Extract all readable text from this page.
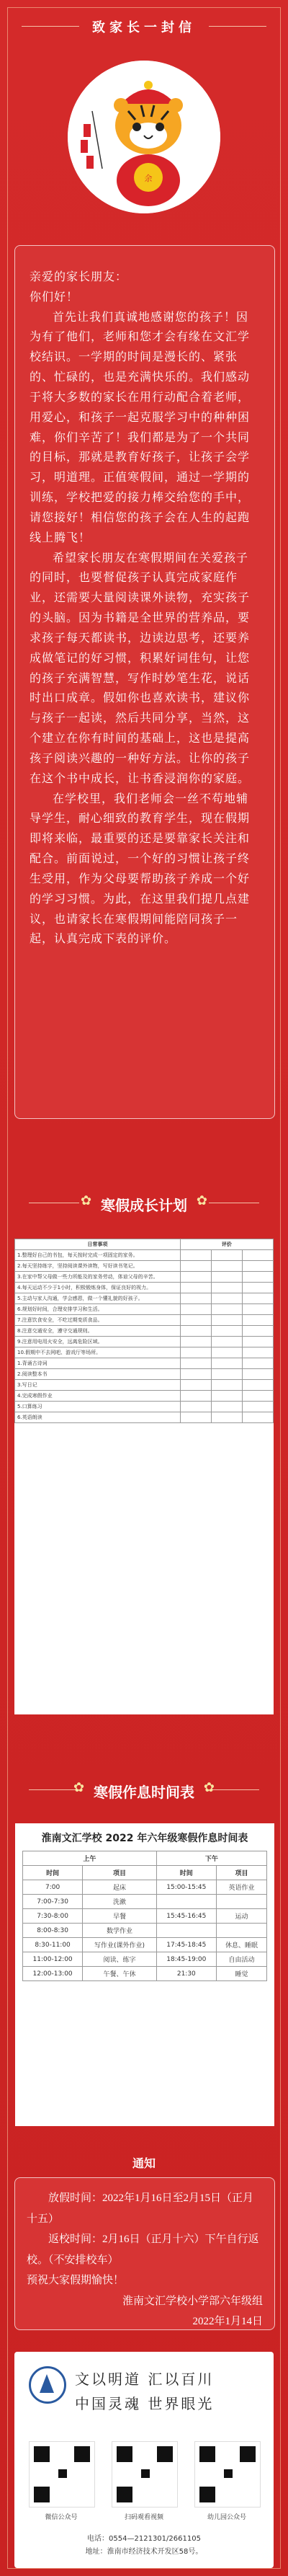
致家长一封信
余

亲爱的家长朋友：

你们好！

首先让我们真诚地感谢您的孩子！因为有了他们，老师和您才会有缘在文汇学校结识。一学期的时间是漫长的、紧张的、忙碌的，也是充满快乐的。我们感动于将大多数的家长在用行动配合着老师，用爱心，和孩子一起克服学习中的种种困难，你们辛苦了！我们都是为了一个共同的目标，那就是教育好孩子，让孩子会学习，明道理。正值寒假间，通过一学期的训练，学校把爱的接力棒交给您的手中，请您接好！相信您的孩子会在人生的起跑线上腾飞！

希望家长朋友在寒假期间在关爱孩子的同时，也要督促孩子认真完成家庭作业，还需要大量阅读课外读物，充实孩子的头脑。因为书籍是全世界的营养品，要求孩子每天都读书，边读边思考，还要养成做笔记的好习惯，积累好词佳句，让您的孩子充满智慧，写作时妙笔生花，说话时出口成章。假如你也喜欢读书，建议你与孩子一起读，然后共同分享，当然，这个建立在你有时间的基础上，这也是提高孩子阅读兴趣的一种好方法。让你的孩子在这个书中成长，让书香浸润你的家庭。

在学校里，我们老师会一丝不苟地辅导学生，耐心细致的教育学生，现在假期即将来临，最重要的还是要靠家长关注和配合。前面说过，一个好的习惯让孩子终生受用，作为父母要帮助孩子养成一个好的学习习惯。为此，在这里我们提几点建议，也请家长在寒假期间能陪同孩子一起，认真完成下表的评价。

✿	✿
寒假成长计划
日常事项	评价		
1.整理好自己的书包，每天按时完成一项固定的家务。			
2.每天坚持练字，坚持阅读课外读物，写好读书笔记。			
3.在家中帮父母做一些力所能及的家务劳动，体谅父母的辛苦。			
4.每天运动不少于1小时，积极锻炼身体，保证良好的视力。			
5.主动与家人沟通，学会感恩，做一个懂礼貌的好孩子。			
6.规划好时间，合理安排学习和生活。			
7.注意饮食安全，不吃过期变质食品。			
8.注意交通安全，遵守交通规则。			
9.注意用电用火安全，远离危险区域。			
10.假期中不去网吧、游戏厅等场所。			
1.背诵古诗词			
2.阅读整本书			
3.写日记			
4.完成寒假作业			
5.口算练习			
6.英语朗读			
✿	✿
寒假作息时间表
淮南文汇学校 2022 年六年级寒假作息时间表
上午		下午	
时间	项目	时间	项目
7:00	起床	15:00-15:45	英语作业
7:00-7:30	洗漱		
7:30-8:00	早餐	15:45-16:45	运动
8:00-8:30	数学作业		
8:30-11:00	写作业(课外作业)	17:45-18:45	休息、睡眠
11:00-12:00	阅读、练字	18:45-19:00	自由活动
12:00-13:00	午餐、午休	21:30	睡觉
通知
放假时间：2022年1月16日至2月15日（正月十五）
返校时间：2月16日（正月十六）下午自行返校。（不安排校车）
预祝大家假期愉快！
淮南文汇学校小学部六年级组
2022年1月14日
文以明道 汇以百川
中国灵魂 世界眼光
微信公众号	扫码观看视频	幼儿园公众号
电话：0554—2121301/2661105
地址：淮南市经济技术开发区58号。
